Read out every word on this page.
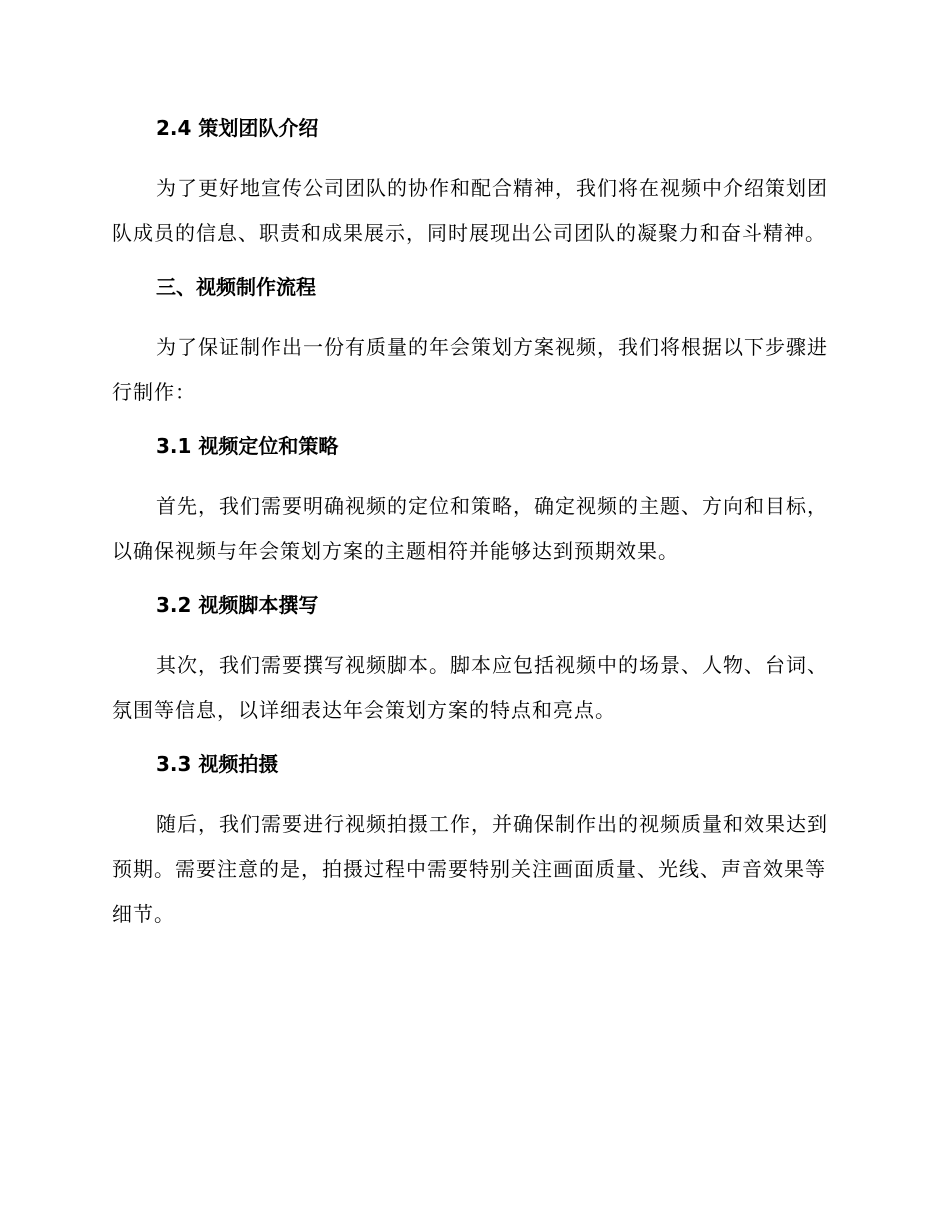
2.4 策划团队介绍
为了更好地宣传公司团队的协作和配合精神，我们将在视频中介绍策划团队成员的信息、职责和成果展示，同时展现出公司团队的凝聚力和奋斗精神。
三、视频制作流程
为了保证制作出一份有质量的年会策划方案视频，我们将根据以下步骤进行制作：
3.1 视频定位和策略
首先，我们需要明确视频的定位和策略，确定视频的主题、方向和目标，以确保视频与年会策划方案的主题相符并能够达到预期效果。
3.2 视频脚本撰写
其次，我们需要撰写视频脚本。脚本应包括视频中的场景、人物、台词、氛围等信息，以详细表达年会策划方案的特点和亮点。
3.3 视频拍摄
随后，我们需要进行视频拍摄工作，并确保制作出的视频质量和效果达到预期。需要注意的是，拍摄过程中需要特别关注画面质量、光线、声音效果等细节。
